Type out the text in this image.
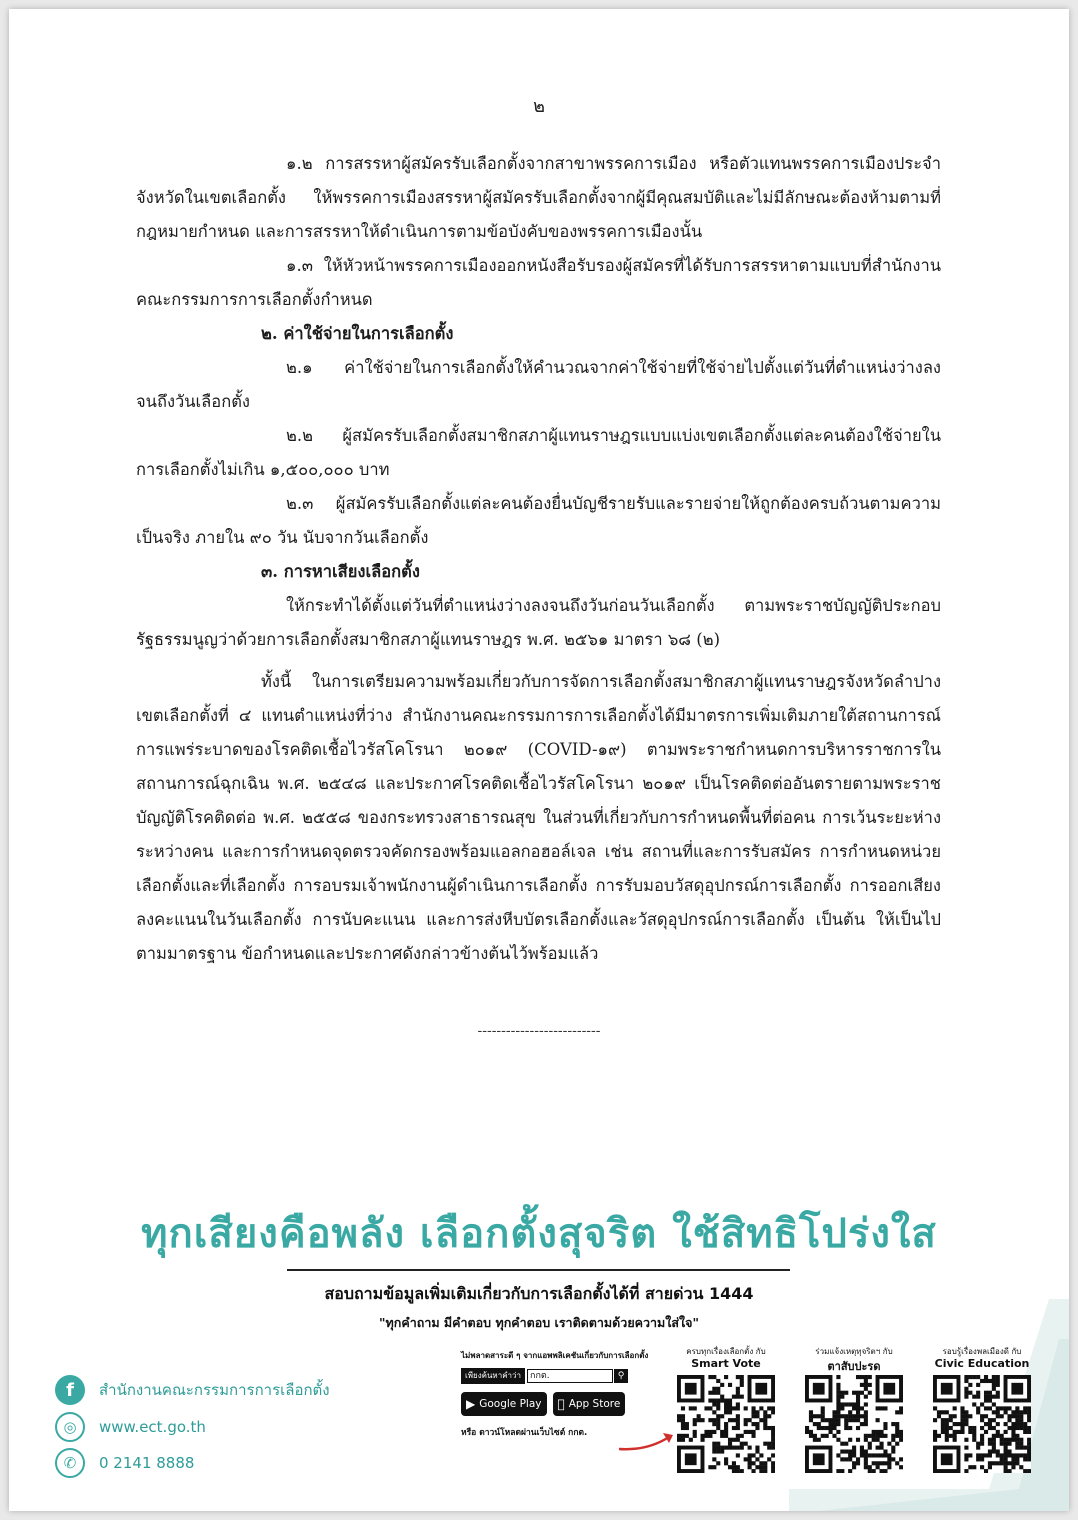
๒

๑.๒ การสรรหาผู้สมัครรับเลือกตั้งจากสาขาพรรคการเมือง หรือตัวแทนพรรคการเมืองประจำจังหวัดในเขตเลือกตั้ง ให้พรรคการเมืองสรรหาผู้สมัครรับเลือกตั้งจากผู้มีคุณสมบัติและไม่มีลักษณะต้องห้ามตามที่กฎหมายกำหนด และการสรรหาให้ดำเนินการตามข้อบังคับของพรรคการเมืองนั้น

๑.๓ ให้หัวหน้าพรรคการเมืองออกหนังสือรับรองผู้สมัครที่ได้รับการสรรหาตามแบบที่สำนักงานคณะกรรมการการเลือกตั้งกำหนด

๒. ค่าใช้จ่ายในการเลือกตั้ง

๒.๑ ค่าใช้จ่ายในการเลือกตั้งให้คำนวณจากค่าใช้จ่ายที่ใช้จ่ายไปตั้งแต่วันที่ตำแหน่งว่างลงจนถึงวันเลือกตั้ง

๒.๒ ผู้สมัครรับเลือกตั้งสมาชิกสภาผู้แทนราษฎรแบบแบ่งเขตเลือกตั้งแต่ละคนต้องใช้จ่ายในการเลือกตั้งไม่เกิน ๑,๕๐๐,๐๐๐ บาท

๒.๓ ผู้สมัครรับเลือกตั้งแต่ละคนต้องยื่นบัญชีรายรับและรายจ่ายให้ถูกต้องครบถ้วนตามความเป็นจริง ภายใน ๙๐ วัน นับจากวันเลือกตั้ง

๓. การหาเสียงเลือกตั้ง

ให้กระทำได้ตั้งแต่วันที่ตำแหน่งว่างลงจนถึงวันก่อนวันเลือกตั้ง ตามพระราชบัญญัติประกอบรัฐธรรมนูญว่าด้วยการเลือกตั้งสมาชิกสภาผู้แทนราษฎร พ.ศ. ๒๕๖๑ มาตรา ๖๘ (๒)

ทั้งนี้ ในการเตรียมความพร้อมเกี่ยวกับการจัดการเลือกตั้งสมาชิกสภาผู้แทนราษฎรจังหวัดลำปาง เขตเลือกตั้งที่ ๔ แทนตำแหน่งที่ว่าง สำนักงานคณะกรรมการการเลือกตั้งได้มีมาตรการเพิ่มเติมภายใต้สถานการณ์การแพร่ระบาดของโรคติดเชื้อไวรัสโคโรนา ๒๐๑๙ (COVID-๑๙) ตามพระราชกำหนดการบริหารราชการในสถานการณ์ฉุกเฉิน พ.ศ. ๒๕๔๘ และประกาศโรคติดเชื้อไวรัสโคโรนา ๒๐๑๙ เป็นโรคติดต่ออันตรายตามพระราชบัญญัติโรคติดต่อ พ.ศ. ๒๕๕๘ ของกระทรวงสาธารณสุข ในส่วนที่เกี่ยวกับการกำหนดพื้นที่ต่อคน การเว้นระยะห่างระหว่างคน และการกำหนดจุดตรวจคัดกรองพร้อมแอลกอฮอล์เจล เช่น สถานที่และการรับสมัคร การกำหนดหน่วยเลือกตั้งและที่เลือกตั้ง การอบรมเจ้าพนักงานผู้ดำเนินการเลือกตั้ง การรับมอบวัสดุอุปกรณ์การเลือกตั้ง การออกเสียงลงคะแนนในวันเลือกตั้ง การนับคะแนน และการส่งหีบบัตรเลือกตั้งและวัสดุอุปกรณ์การเลือกตั้ง เป็นต้น ให้เป็นไปตามมาตรฐาน ข้อกำหนดและประกาศดังกล่าวข้างต้นไว้พร้อมแล้ว

--------------------------
ทุกเสียงคือพลัง เลือกตั้งสุจริต ใช้สิทธิโปร่งใส
สอบถามข้อมูลเพิ่มเติมเกี่ยวกับการเลือกตั้งได้ที่ สายด่วน 1444
"ทุกคำถาม มีคำตอบ ทุกคำตอบ เราติดตามด้วยความใส่ใจ"
f	สำนักงานคณะกรรมการการเลือกตั้ง
◎	www.ect.go.th
✆	0 2141 8888
ไม่พลาดสาระดี ๆ จากแอพพลิเคชันเกี่ยวกับการเลือกตั้ง
เพียงค้นหาคำว่า	กกต.	⚲
▶ Google Play App Store
หรือ ดาวน์โหลดผ่านเว็บไซต์ กกต.
ครบทุกเรื่องเลือกตั้ง กับ
Smart Vote
ร่วมแจ้งเหตุทุจริตฯ กับ
ตาสับปะรด
รอบรู้เรื่องพลเมืองดี กับ
Civic Education
